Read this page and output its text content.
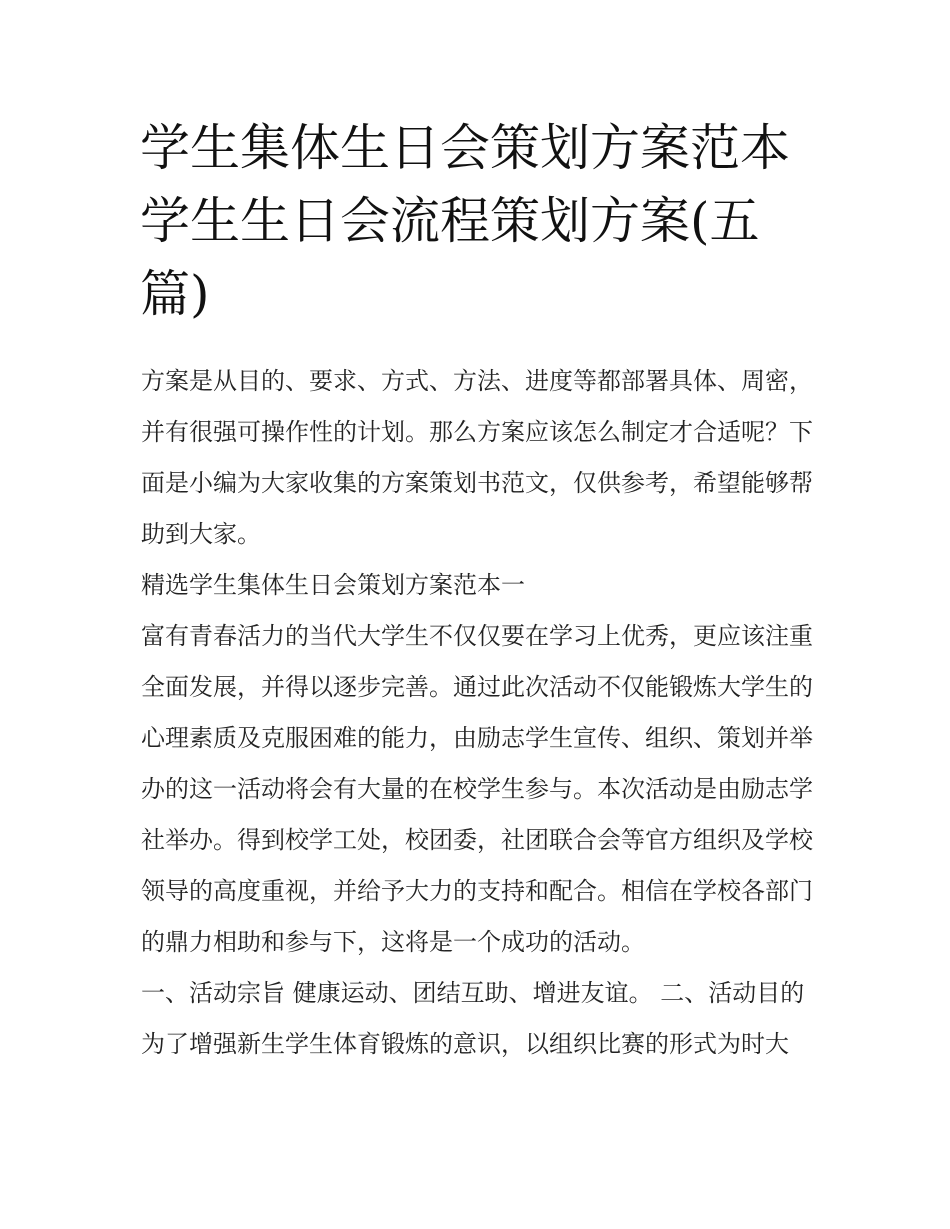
学生集体生日会策划方案范本学生生日会流程策划方案(五篇)

方案是从目的、要求、方式、方法、进度等都部署具体、周密，并有很强可操作性的计划。那么方案应该怎么制定才合适呢？下面是小编为大家收集的方案策划书范文，仅供参考，希望能够帮助到大家。

精选学生集体生日会策划方案范本一

富有青春活力的当代大学生不仅仅要在学习上优秀，更应该注重全面发展，并得以逐步完善。通过此次活动不仅能锻炼大学生的心理素质及克服困难的能力，由励志学生宣传、组织、策划并举办的这一活动将会有大量的在校学生参与。本次活动是由励志学社举办。得到校学工处，校团委，社团联合会等官方组织及学校领导的高度重视，并给予大力的支持和配合。相信在学校各部门的鼎力相助和参与下，这将是一个成功的活动。

一、活动宗旨 健康运动、团结互助、增进友谊。 二、活动目的

为了增强新生学生体育锻炼的意识，以组织比赛的形式为时大
